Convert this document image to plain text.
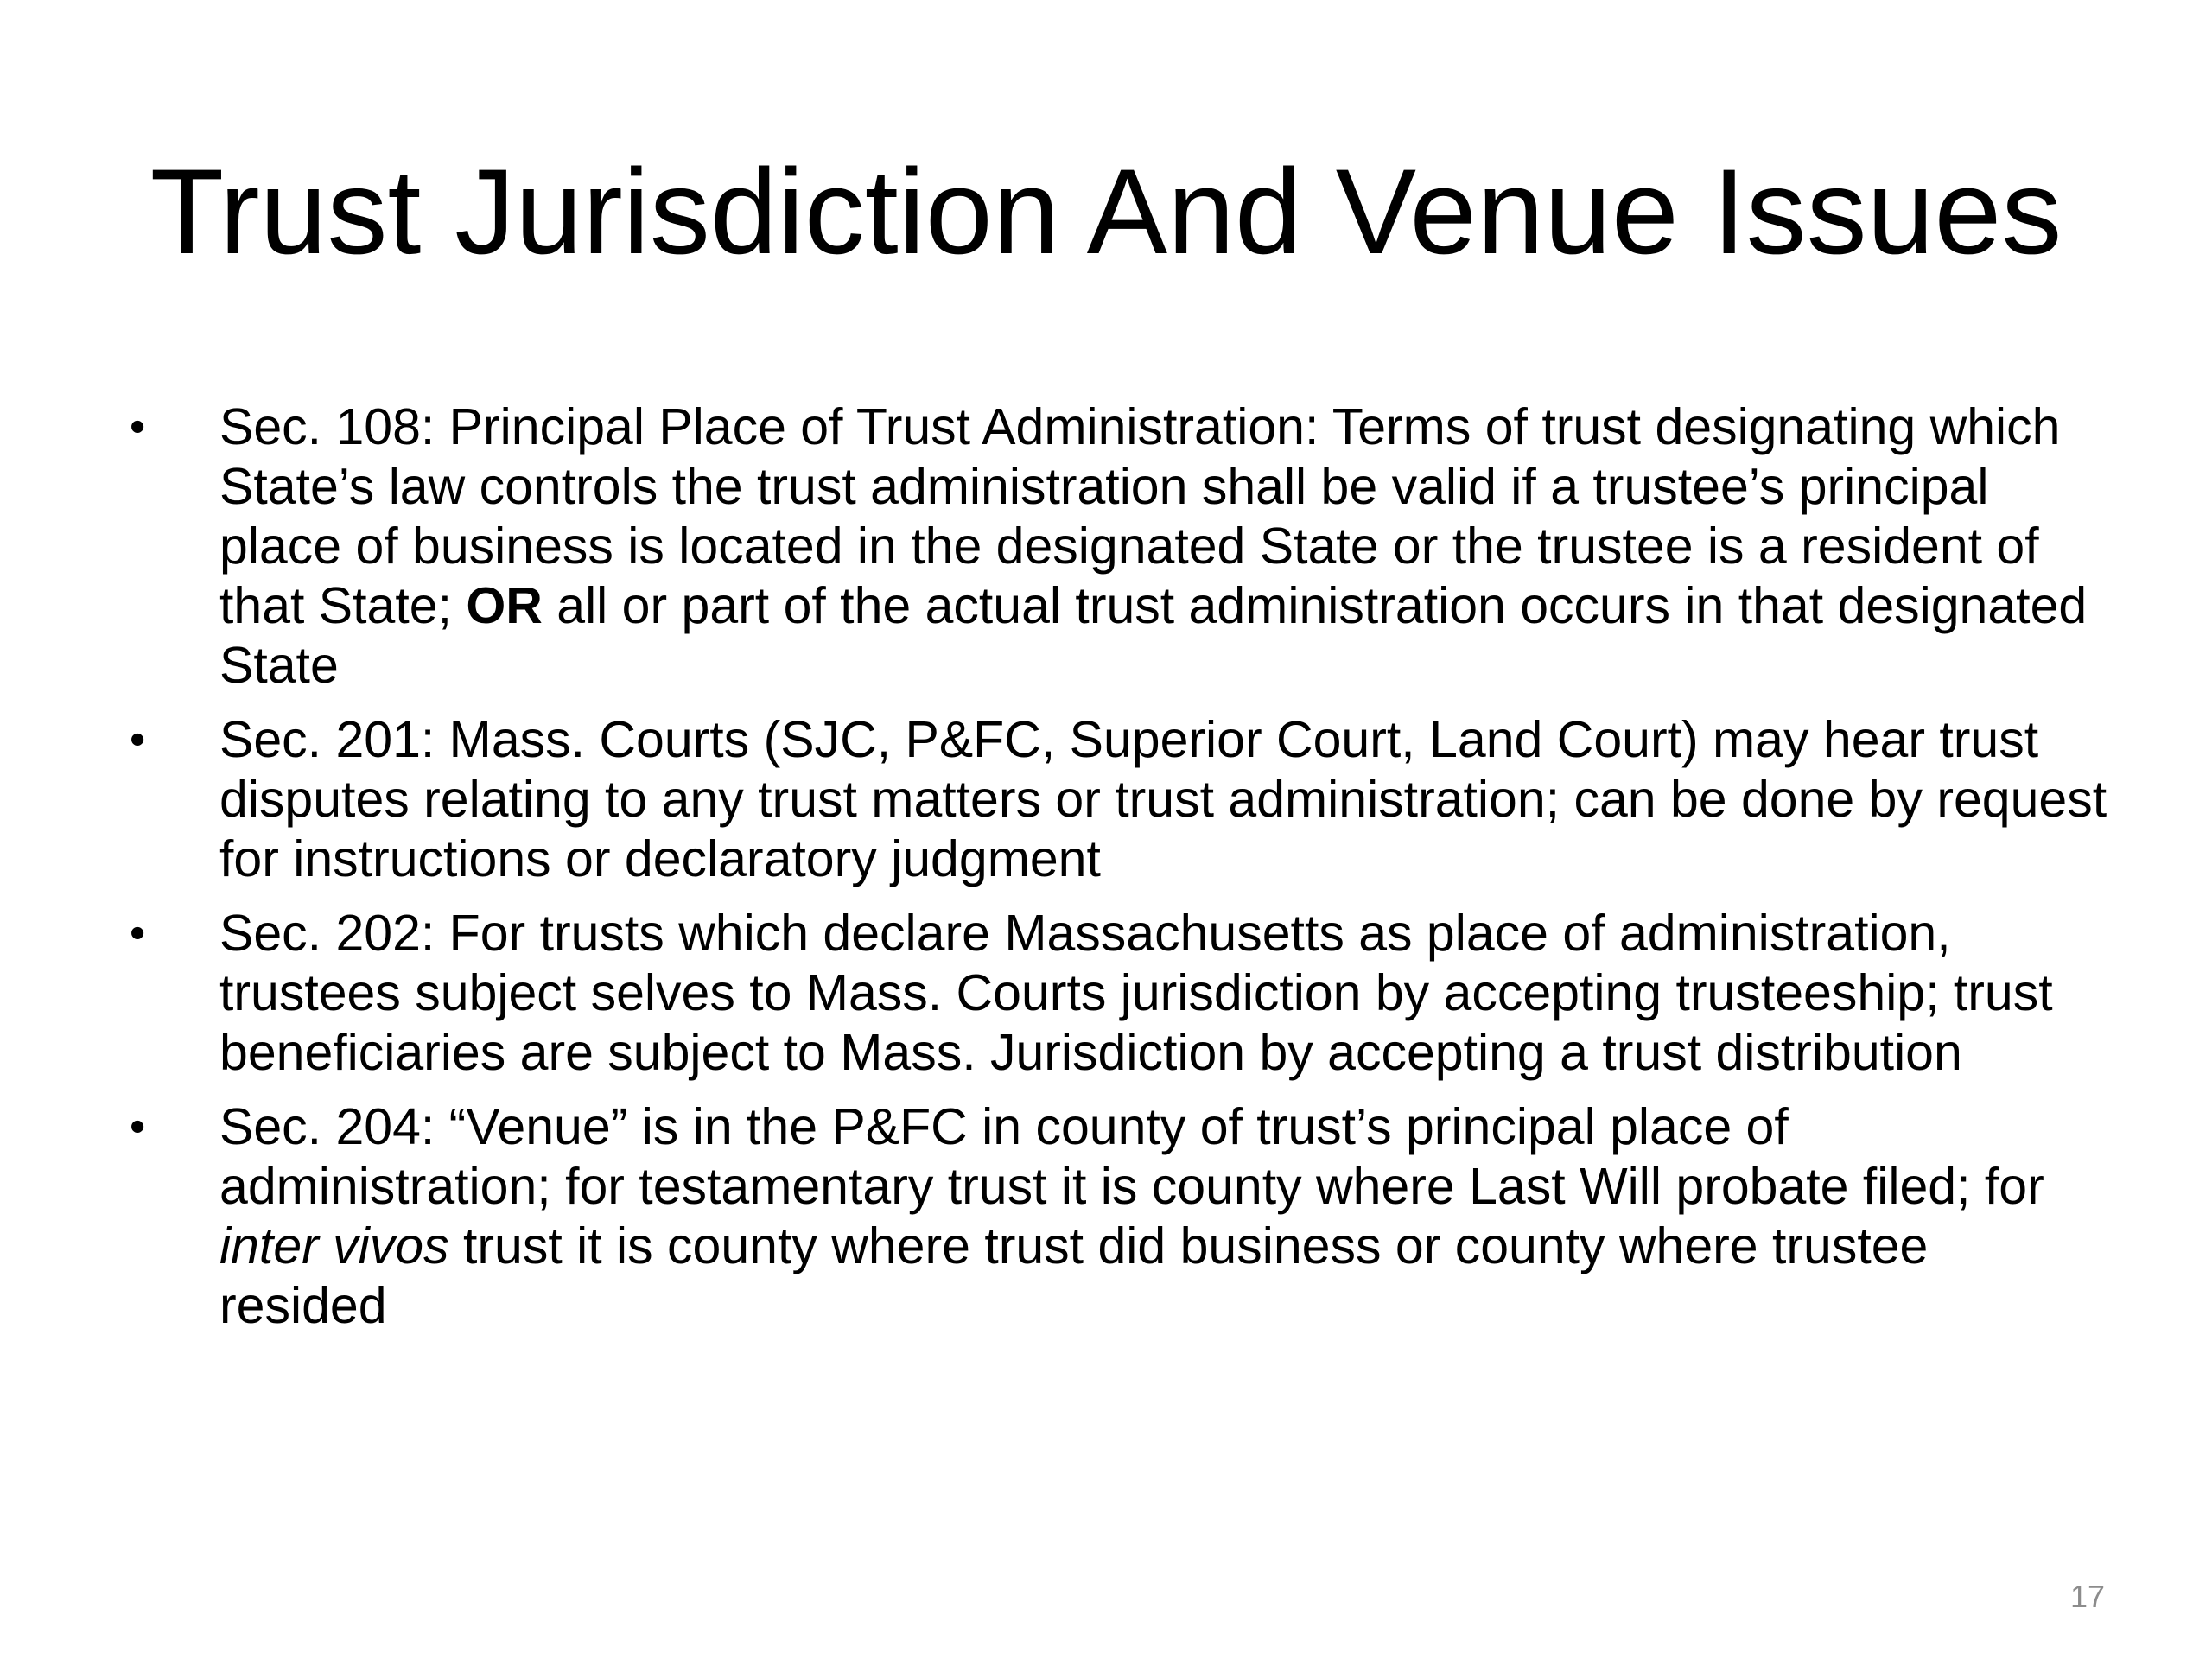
Trust Jurisdiction And Venue Issues
• Sec. 108: Principal Place of Trust Administration: Terms of trust designating which State’s law controls the trust administration shall be valid if a trustee’s principal place of business is located in the designated State or the trustee is a resident of that State; OR all or part of the actual trust administration occurs in that designated State
• Sec. 201: Mass. Courts (SJC, P&FC, Superior Court, Land Court) may hear trust disputes relating to any trust matters or trust administration; can be done by request for instructions or declaratory judgment
• Sec. 202: For trusts which declare Massachusetts as place of administration, trustees subject selves to Mass. Courts jurisdiction by accepting trusteeship; trust beneficiaries are subject to Mass. Jurisdiction by accepting a trust distribution
• Sec. 204: “Venue” is in the P&FC in county of trust’s principal place of administration; for testamentary trust it is county where Last Will probate filed; for inter vivos trust it is county where trust did business or county where trustee resided
17
